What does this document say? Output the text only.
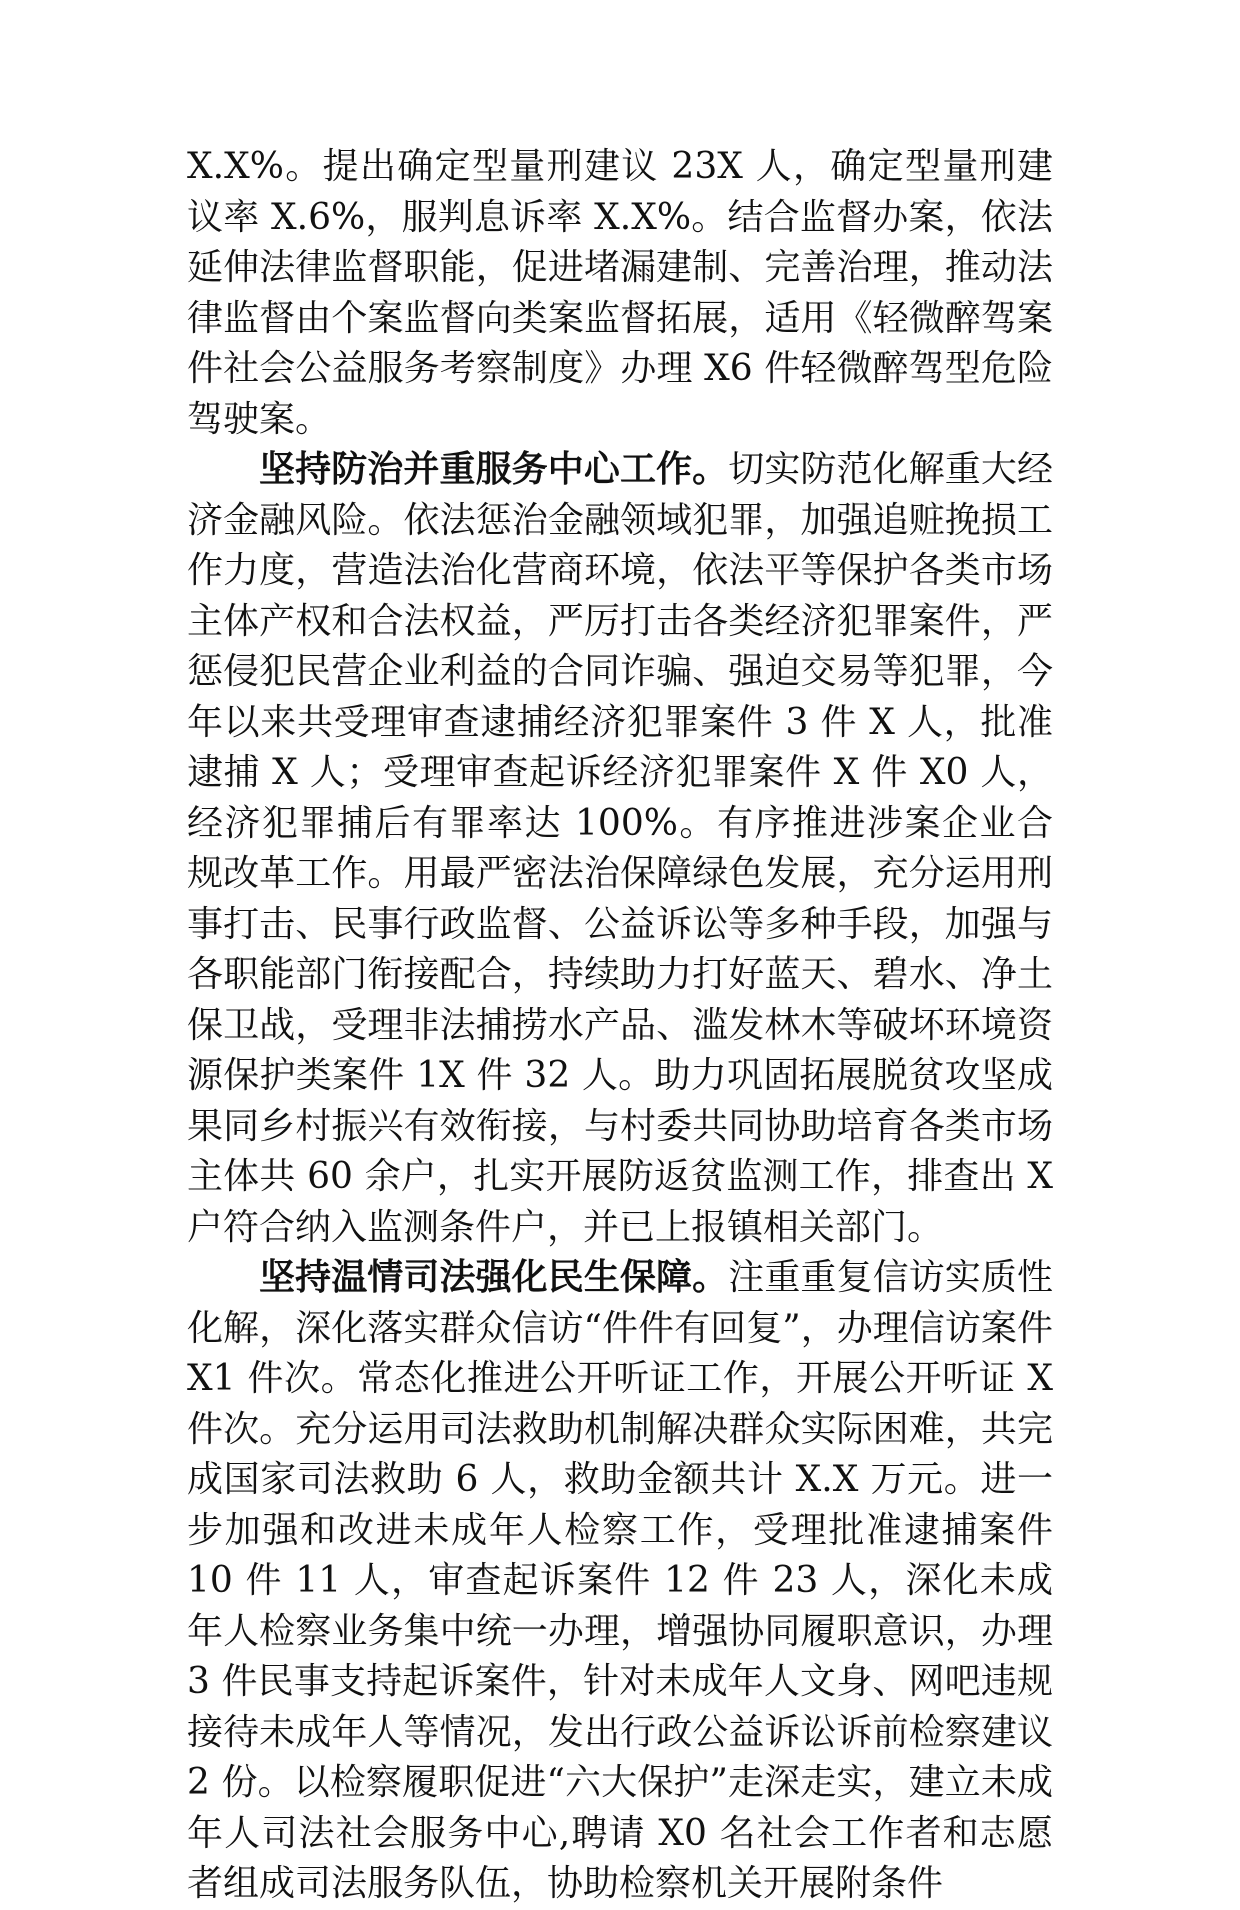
X.X%。提出确定型量刑建议 23X 人，确定型量刑建议率 X.6%，服判息诉率 X.X%。结合监督办案，依法延伸法律监督职能，促进堵漏建制、完善治理，推动法律监督由个案监督向类案监督拓展，适用《轻微醉驾案件社会公益服务考察制度》办理 X6 件轻微醉驾型危险驾驶案。

坚持防治并重服务中心工作。切实防范化解重大经济金融风险。依法惩治金融领域犯罪，加强追赃挽损工作力度，营造法治化营商环境，依法平等保护各类市场主体产权和合法权益，严厉打击各类经济犯罪案件，严惩侵犯民营企业利益的合同诈骗、强迫交易等犯罪，今年以来共受理审查逮捕经济犯罪案件 3 件 X 人，批准逮捕 X 人；受理审查起诉经济犯罪案件 X 件 X0 人，经济犯罪捕后有罪率达 100%。有序推进涉案企业合规改革工作。用最严密法治保障绿色发展，充分运用刑事打击、民事行政监督、公益诉讼等多种手段，加强与各职能部门衔接配合，持续助力打好蓝天、碧水、净土保卫战，受理非法捕捞水产品、滥发林木等破坏环境资源保护类案件 1X 件 32 人。助力巩固拓展脱贫攻坚成果同乡村振兴有效衔接，与村委共同协助培育各类市场主体共 60 余户，扎实开展防返贫监测工作，排查出 X 户符合纳入监测条件户，并已上报镇相关部门。

坚持温情司法强化民生保障。注重重复信访实质性化解，深化落实群众信访“件件有回复”，办理信访案件 X1 件次。常态化推进公开听证工作，开展公开听证 X 件次。充分运用司法救助机制解决群众实际困难，共完成国家司法救助 6 人，救助金额共计 X.X 万元。进一步加强和改进未成年人检察工作，受理批准逮捕案件 10 件 11 人，审查起诉案件 12 件 23 人，深化未成年人检察业务集中统一办理，增强协同履职意识，办理 3 件民事支持起诉案件，针对未成年人文身、网吧违规接待未成年人等情况，发出行政公益诉讼诉前检察建议 2 份。以检察履职促进“六大保护”走深走实，建立未成年人司法社会服务中心,聘请 X0 名社会工作者和志愿者组成司法服务队伍，协助检察机关开展附条件
